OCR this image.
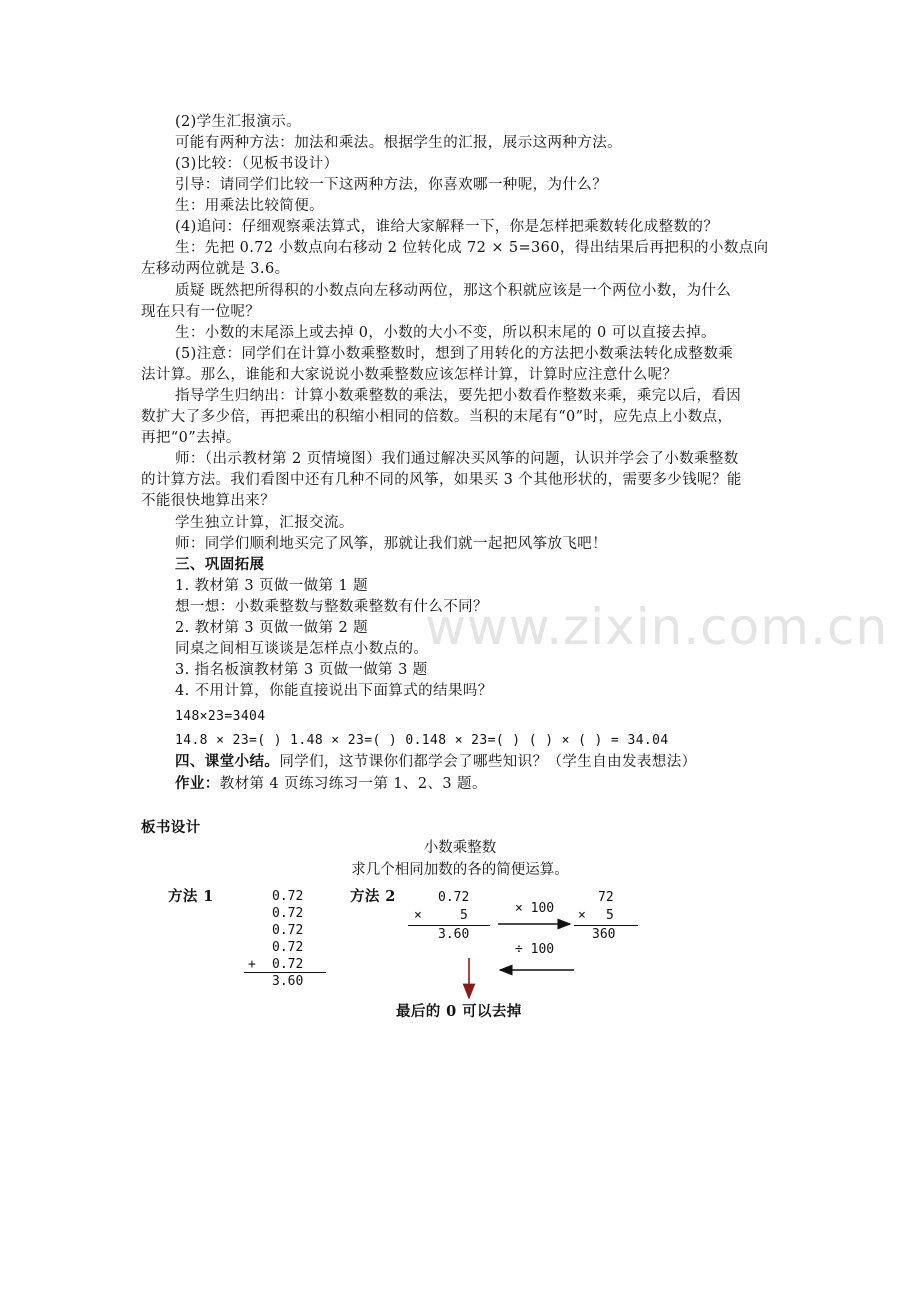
www.zixin.com.cn
(2)学生汇报演示。
可能有两种方法：加法和乘法。根据学生的汇报，展示这两种方法。
(3)比较：（见板书设计）
引导：请同学们比较一下这两种方法，你喜欢哪一种呢，为什么？
生：用乘法比较简便。
(4)追问：仔细观察乘法算式，谁给大家解释一下，你是怎样把乘数转化成整数的？
生：先把 0.72 小数点向右移动 2 位转化成 72 × 5=360，得出结果后再把积的小数点向
左移动两位就是 3.6。
质疑 既然把所得积的小数点向左移动两位，那这个积就应该是一个两位小数，为什么
现在只有一位呢？
生：小数的末尾添上或去掉 0，小数的大小不变，所以积末尾的 0 可以直接去掉。
(5)注意：同学们在计算小数乘整数时，想到了用转化的方法把小数乘法转化成整数乘
法计算。那么，谁能和大家说说小数乘整数应该怎样计算，计算时应注意什么呢？
指导学生归纳出：计算小数乘整数的乘法，要先把小数看作整数来乘，乘完以后，看因
数扩大了多少倍，再把乘出的积缩小相同的倍数。当积的末尾有“0”时，应先点上小数点，
再把“0”去掉。
师：（出示教材第 2 页情境图）我们通过解决买风筝的问题，认识并学会了小数乘整数
的计算方法。我们看图中还有几种不同的风筝，如果买 3 个其他形状的，需要多少钱呢？能
不能很快地算出来？
学生独立计算，汇报交流。
师：同学们顺利地买完了风筝，那就让我们就一起把风筝放飞吧！
三、巩固拓展
1. 教材第 3 页做一做第 1 题
想一想：小数乘整数与整数乘整数有什么不同？
2. 教材第 3 页做一做第 2 题
同桌之间相互谈谈是怎样点小数点的。
3. 指名板演教材第 3 页做一做第 3 题
4. 不用计算，你能直接说出下面算式的结果吗？
148×23=3404
14.8 × 23=( ) 1.48 × 23=( ) 0.148 × 23=( ) ( ) × ( ) = 34.04
四、课堂小结。同学们，这节课你们都学会了哪些知识？（学生自由发表想法）
作业：教材第 4 页练习练习一第 1、2、3 题。
板书设计
小数乘整数
求几个相同加数的各的简便运算。
方法 1	0.72
0.72
0.72
0.72
+ 0.72
3.60
方法 2	0.72
×	5
3.60
72
× 5
360
× 100
÷ 100
最后的 0 可以去掉
